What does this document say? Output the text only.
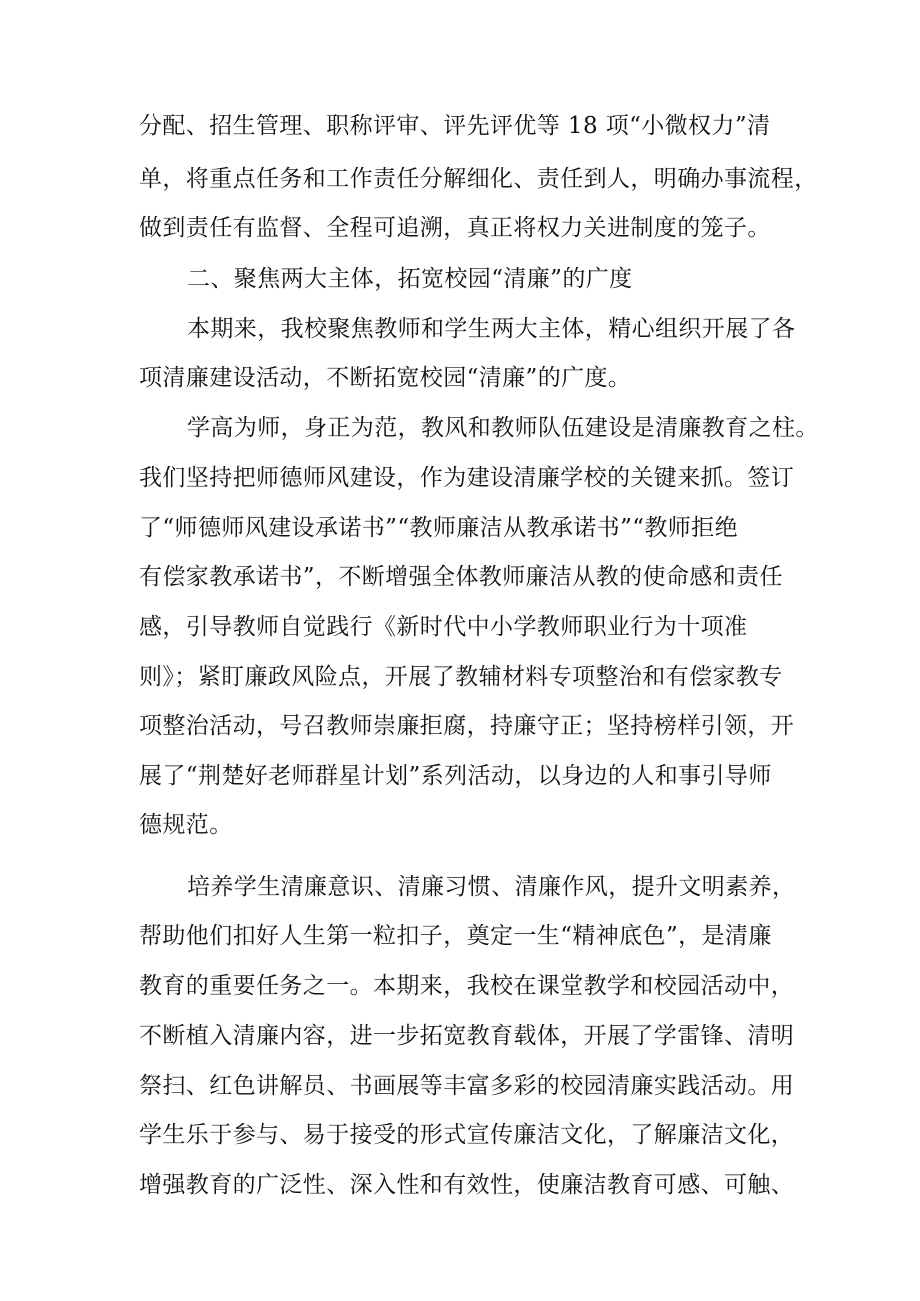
分配、招生管理、职称评审、评先评优等 18 项“小微权力”清
单，将重点任务和工作责任分解细化、责任到人，明确办事流程，
做到责任有监督、全程可追溯，真正将权力关进制度的笼子。
二、聚焦两大主体，拓宽校园“清廉”的广度
本期来，我校聚焦教师和学生两大主体，精心组织开展了各
项清廉建设活动，不断拓宽校园“清廉”的广度。
学高为师，身正为范，教风和教师队伍建设是清廉教育之柱。
我们坚持把师德师风建设，作为建设清廉学校的关键来抓。签订
了“师德师风建设承诺书”“教师廉洁从教承诺书”“教师拒绝
有偿家教承诺书”，不断增强全体教师廉洁从教的使命感和责任
感，引导教师自觉践行《新时代中小学教师职业行为十项准
则》；紧盯廉政风险点，开展了教辅材料专项整治和有偿家教专
项整治活动，号召教师崇廉拒腐，持廉守正；坚持榜样引领，开
展了“荆楚好老师群星计划”系列活动，以身边的人和事引导师
德规范。
培养学生清廉意识、清廉习惯、清廉作风，提升文明素养，
帮助他们扣好人生第一粒扣子，奠定一生“精神底色”，是清廉
教育的重要任务之一。本期来，我校在课堂教学和校园活动中，
不断植入清廉内容，进一步拓宽教育载体，开展了学雷锋、清明
祭扫、红色讲解员、书画展等丰富多彩的校园清廉实践活动。用
学生乐于参与、易于接受的形式宣传廉洁文化，了解廉洁文化，
增强教育的广泛性、深入性和有效性，使廉洁教育可感、可触、
